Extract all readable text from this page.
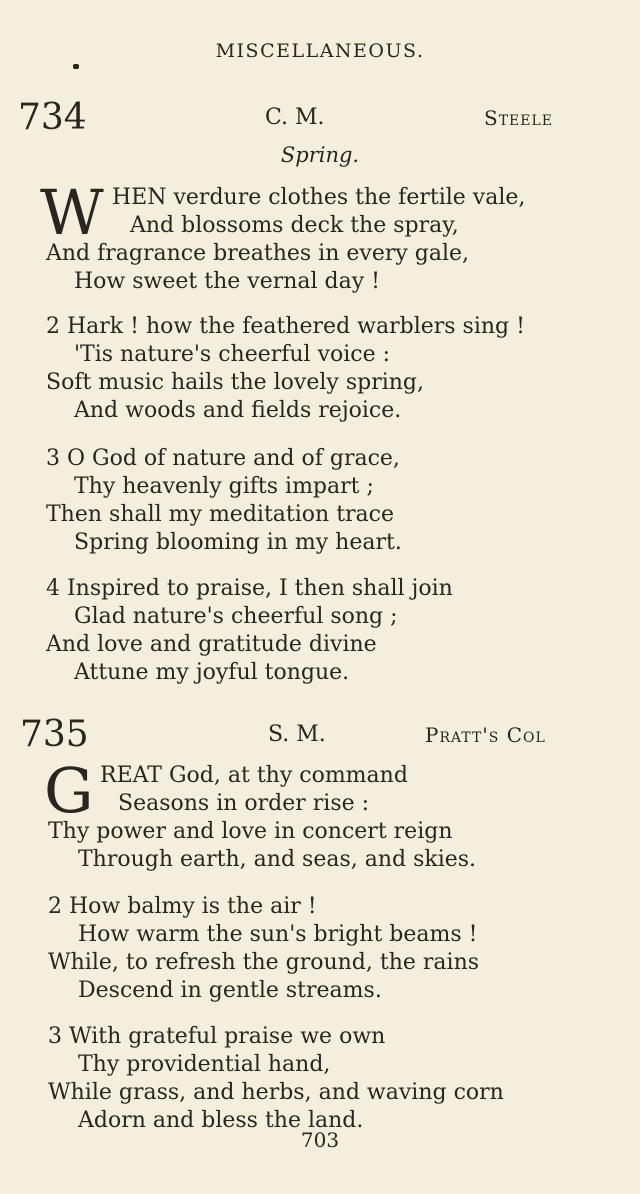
MISCELLANEOUS.
734	C. M.	Steele
Spring.
W HEN verdure clothes the fertile vale,
And blossoms deck the spray,
And fragrance breathes in every gale,
How sweet the vernal day !
2 Hark ! how the feathered warblers sing !
'Tis nature's cheerful voice :
Soft music hails the lovely spring,
And woods and fields rejoice.
3 O God of nature and of grace,
Thy heavenly gifts impart ;
Then shall my meditation trace
Spring blooming in my heart.
4 Inspired to praise, I then shall join
Glad nature's cheerful song ;
And love and gratitude divine
Attune my joyful tongue.
735	S. M.	Pratt's Col
G REAT God, at thy command
Seasons in order rise :
Thy power and love in concert reign
Through earth, and seas, and skies.
2 How balmy is the air !
How warm the sun's bright beams !
While, to refresh the ground, the rains
Descend in gentle streams.
3 With grateful praise we own
Thy providential hand,
While grass, and herbs, and waving corn
Adorn and bless the land.
703
